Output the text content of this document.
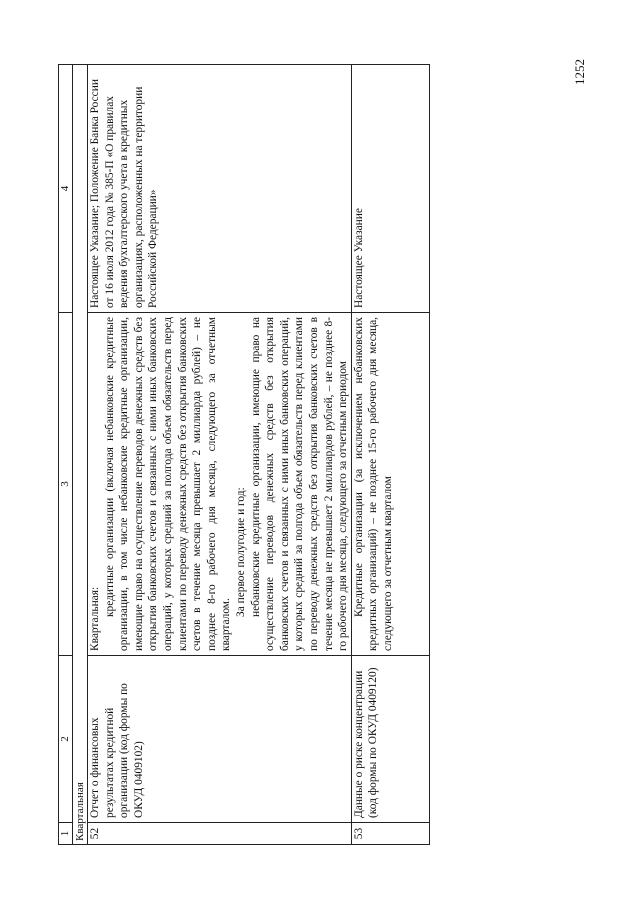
1252
1	2	3	4
Квартальная			
52	Отчет о финансовых результатах кредитной организации (код формы по ОКУД 0409102)	Квартальная:

кредитные организации (включая небанковские кредитные организации, в том числе небанковские кредитные организации, имеющие право на осуществление переводов денежных средств без открытия банковских счетов и связанных с ними иных банковских операций, у которых средний за полгода объем обязательств перед клиентами по переводу денежных средств без открытия банковских счетов в течение месяца превышает 2 миллиарда рублей) – не позднее 8-го рабочего дня месяца, следующего за отчетным кварталом.

За первое полугодие и год: небанковские кредитные организации, имеющие право на осуществление переводов денежных средств без открытия банковских счетов и связанных с ними иных банковских операций, у которых средний за полгода объем обязательств перед клиентами по переводу денежных средств без открытия банковских счетов в течение месяца не превышает 2 миллиардов рублей, – не позднее 8-го рабочего дня месяца, следующего за отчетным периодом	Настоящее Указание; Положение Банка России от 16 июля 2012 года № 385-П «О правилах ведения бухгалтерского учета в кредитных организациях, расположенных на территории Российской Федерации»
53	Данные о риске концентрации (код формы по ОКУД 0409120)	Кредитные организации (за исключением небанковских кредитных организаций) – не позднее 15-го рабочего дня месяца, следующего за отчетным кварталом	Настоящее Указание
